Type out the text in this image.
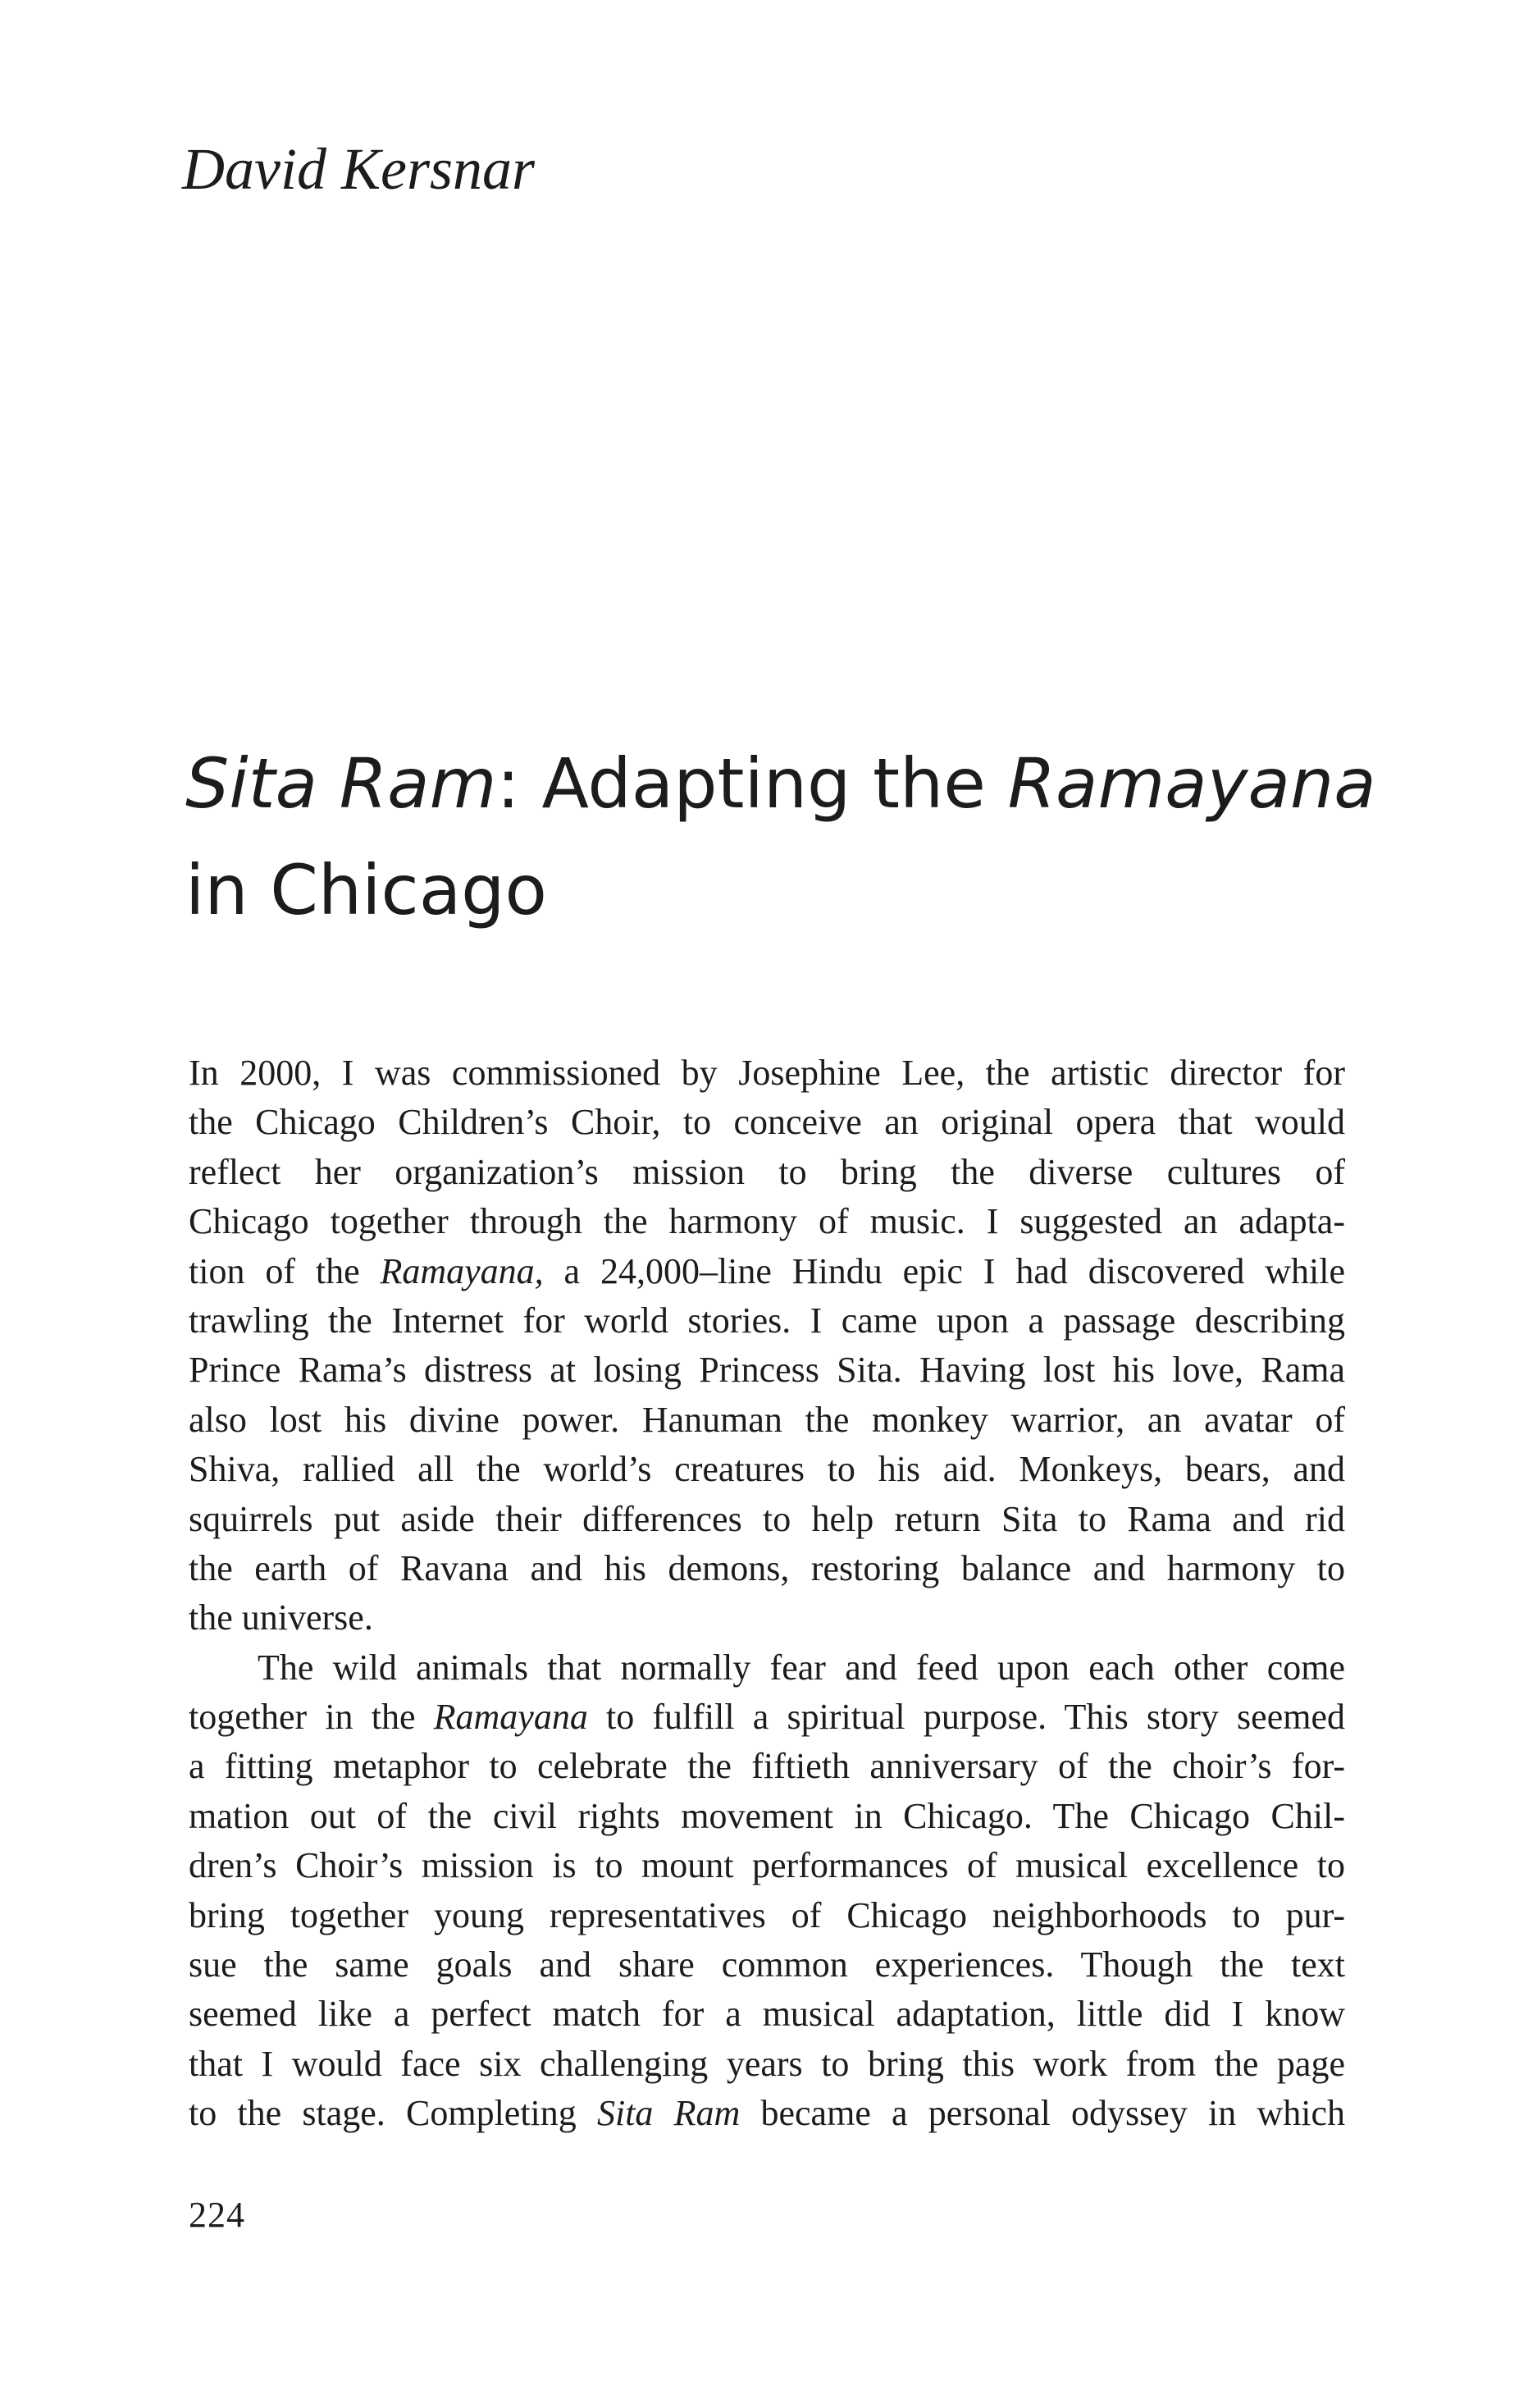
David Kersnar
Sita Ram: Adapting the Ramayana
in Chicago
In 2000, I was commissioned by Josephine Lee, the artistic director for
the Chicago Children’s Choir, to conceive an original opera that would
reflect her organization’s mission to bring the diverse cultures of
Chicago together through the harmony of music. I suggested an adapta-
tion of the Ramayana, a 24,000–line Hindu epic I had discovered while
trawling the Internet for world stories. I came upon a passage describing
Prince Rama’s distress at losing Princess Sita. Having lost his love, Rama
also lost his divine power. Hanuman the monkey warrior, an avatar of
Shiva, rallied all the world’s creatures to his aid. Monkeys, bears, and
squirrels put aside their differences to help return Sita to Rama and rid
the earth of Ravana and his demons, restoring balance and harmony to
the universe.
The wild animals that normally fear and feed upon each other come
together in the Ramayana to fulfill a spiritual purpose. This story seemed
a fitting metaphor to celebrate the fiftieth anniversary of the choir’s for-
mation out of the civil rights movement in Chicago. The Chicago Chil-
dren’s Choir’s mission is to mount performances of musical excellence to
bring together young representatives of Chicago neighborhoods to pur-
sue the same goals and share common experiences. Though the text
seemed like a perfect match for a musical adaptation, little did I know
that I would face six challenging years to bring this work from the page
to the stage. Completing Sita Ram became a personal odyssey in which
224
